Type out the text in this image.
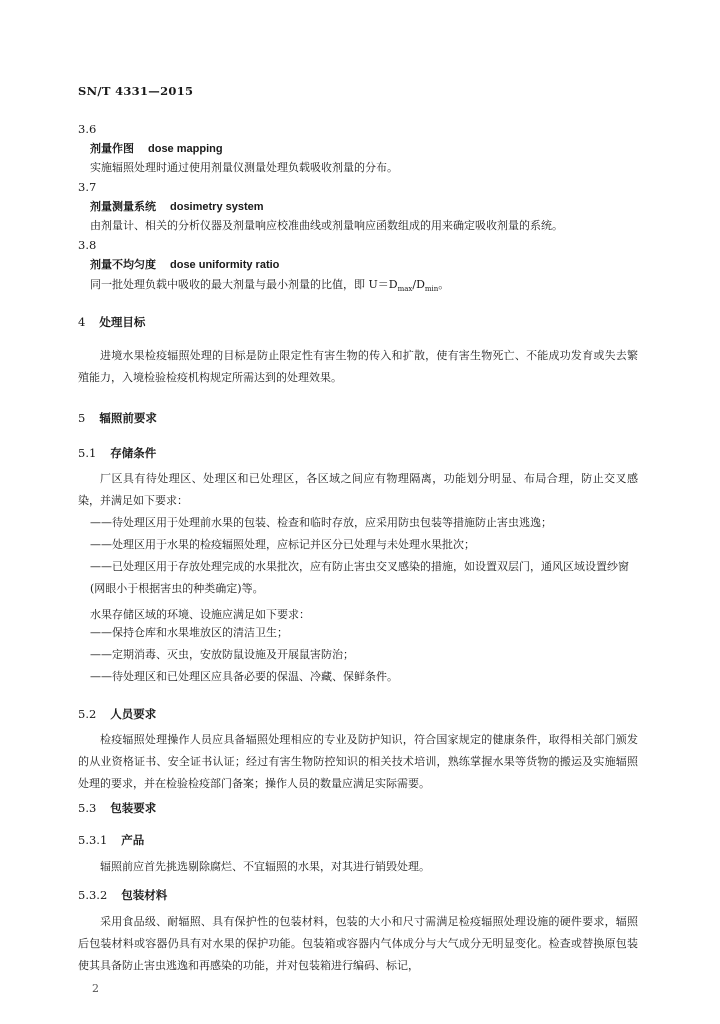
SN/T 4331—2015
3.6
剂量作图 dose mapping
实施辐照处理时通过使用剂量仪测量处理负载吸收剂量的分布。
3.7
剂量测量系统 dosimetry system
由剂量计、相关的分析仪器及剂量响应校准曲线或剂量响应函数组成的用来确定吸收剂量的系统。
3.8
剂量不均匀度 dose uniformity ratio
同一批处理负载中吸收的最大剂量与最小剂量的比值，即 $U=D_{max}/D_{min}$。
4 处理目标
进境水果检疫辐照处理的目标是防止限定性有害生物的传入和扩散，使有害生物死亡、不能成功发育或失去繁殖能力，入境检验检疫机构规定所需达到的处理效果。
5 辐照前要求
5.1 存储条件
厂区具有待处理区、处理区和已处理区，各区域之间应有物理隔离，功能划分明显、布局合理，防止交叉感染，并满足如下要求：
——待处理区用于处理前水果的包装、检查和临时存放，应采用防虫包装等措施防止害虫逃逸；
——处理区用于水果的检疫辐照处理，应标记并区分已处理与未处理水果批次；
——已处理区用于存放处理完成的水果批次，应有防止害虫交叉感染的措施，如设置双层门，通风区域设置纱窗(网眼小于根据害虫的种类确定)等。
水果存储区域的环境、设施应满足如下要求：
——保持仓库和水果堆放区的清洁卫生；
——定期消毒、灭虫，安放防鼠设施及开展鼠害防治；
——待处理区和已处理区应具备必要的保温、冷藏、保鲜条件。
5.2 人员要求
检疫辐照处理操作人员应具备辐照处理相应的专业及防护知识，符合国家规定的健康条件，取得相关部门颁发的从业资格证书、安全证书认证；经过有害生物防控知识的相关技术培训，熟练掌握水果等货物的搬运及实施辐照处理的要求，并在检验检疫部门备案；操作人员的数量应满足实际需要。
5.3 包装要求
5.3.1 产品
辐照前应首先挑选剔除腐烂、不宜辐照的水果，对其进行销毁处理。
5.3.2 包装材料
采用食品级、耐辐照、具有保护性的包装材料，包装的大小和尺寸需满足检疫辐照处理设施的硬件要求，辐照后包装材料或容器仍具有对水果的保护功能。包装箱或容器内气体成分与大气成分无明显变化。检查或替换原包装使其具备防止害虫逃逸和再感染的功能，并对包装箱进行编码、标记，
2
